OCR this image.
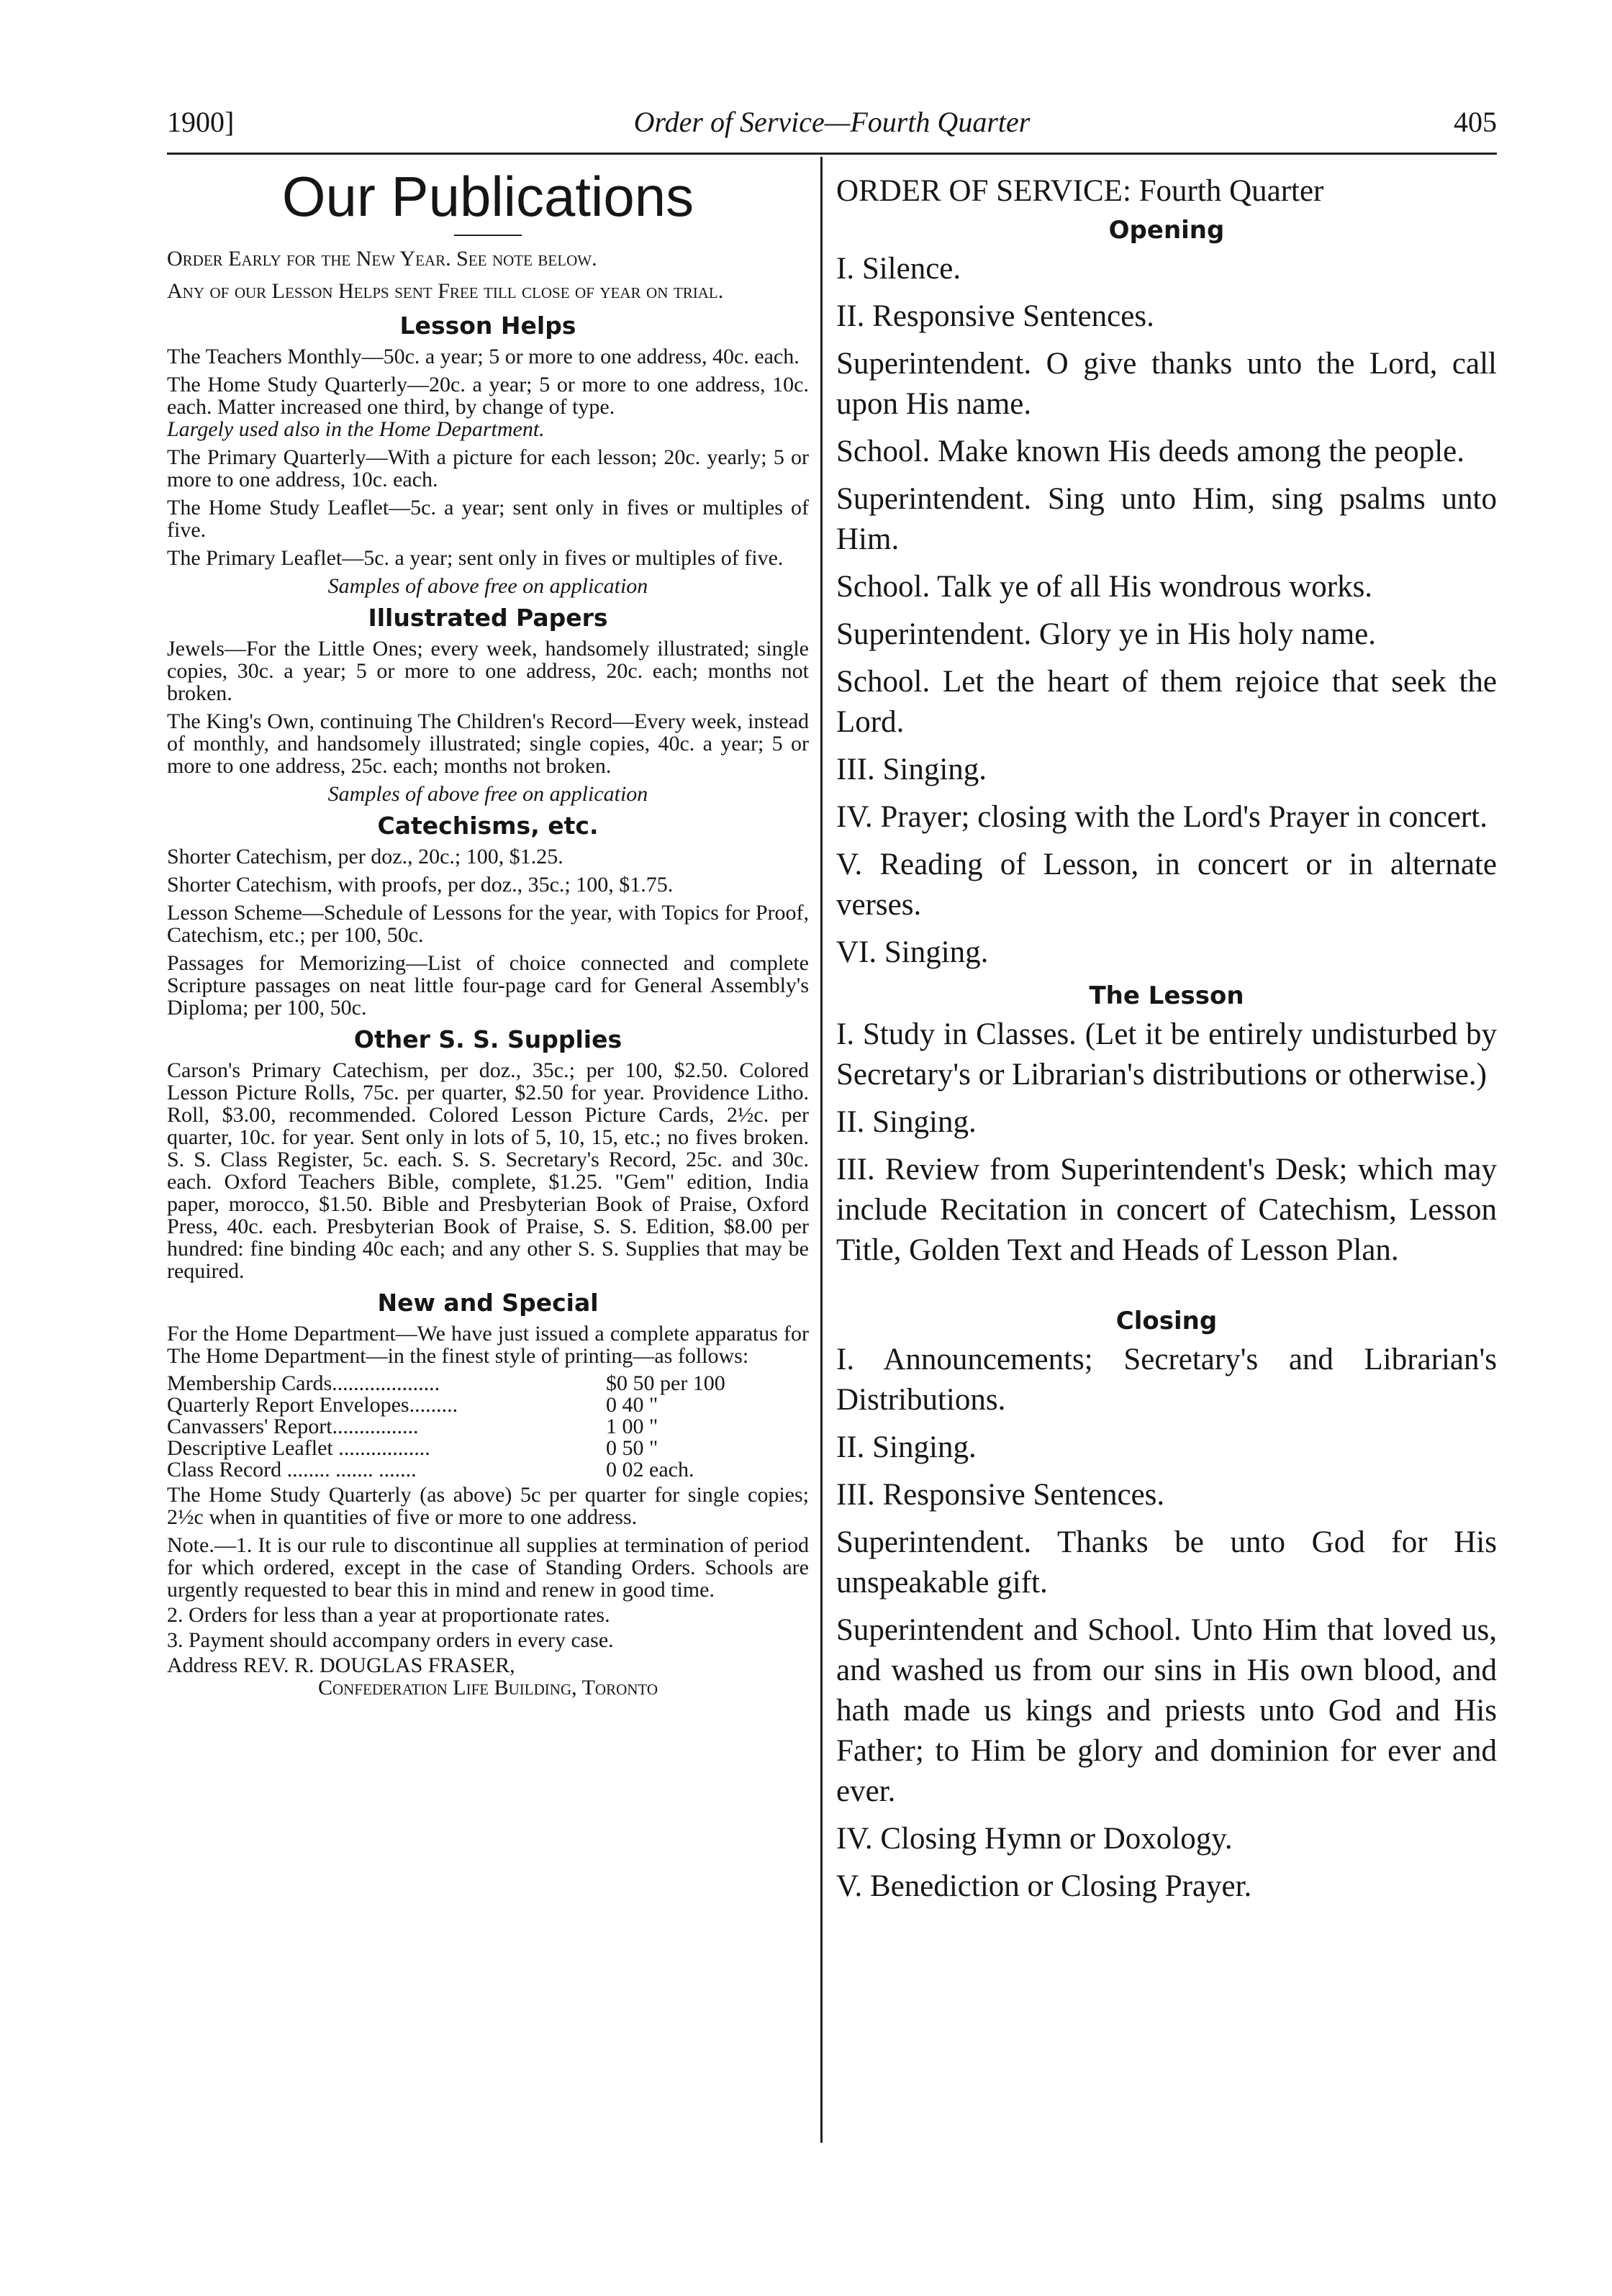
1900]	Order of Service—Fourth Quarter	405
Our Publications

Order Early for the New Year. See note below.

Any of our Lesson Helps sent Free till close of year on trial.

Lesson Helps

The Teachers Monthly—50c. a year; 5 or more to one address, 40c. each.

The Home Study Quarterly—20c. a year; 5 or more to one address, 10c. each. Matter increased one third, by change of type.

Largely used also in the Home Department.

The Primary Quarterly—With a picture for each lesson; 20c. yearly; 5 or more to one address, 10c. each.

The Home Study Leaflet—5c. a year; sent only in fives or multiples of five.

The Primary Leaflet—5c. a year; sent only in fives or multiples of five.

Samples of above free on application

Illustrated Papers

Jewels—For the Little Ones; every week, handsomely illustrated; single copies, 30c. a year; 5 or more to one address, 20c. each; months not broken.

The King's Own, continuing The Children's Record—Every week, instead of monthly, and handsomely illustrated; single copies, 40c. a year; 5 or more to one address, 25c. each; months not broken.

Samples of above free on application

Catechisms, etc.

Shorter Catechism, per doz., 20c.; 100, $1.25.

Shorter Catechism, with proofs, per doz., 35c.; 100, $1.75.

Lesson Scheme—Schedule of Lessons for the year, with Topics for Proof, Catechism, etc.; per 100, 50c.

Passages for Memorizing—List of choice connected and complete Scripture passages on neat little four-page card for General Assembly's Diploma; per 100, 50c.

Other S. S. Supplies

Carson's Primary Catechism, per doz., 35c.; per 100, $2.50. Colored Lesson Picture Rolls, 75c. per quarter, $2.50 for year. Providence Litho. Roll, $3.00, recommended. Colored Lesson Picture Cards, 2½c. per quarter, 10c. for year. Sent only in lots of 5, 10, 15, etc.; no fives broken. S. S. Class Register, 5c. each. S. S. Secretary's Record, 25c. and 30c. each. Oxford Teachers Bible, complete, $1.25. "Gem" edition, India paper, morocco, $1.50. Bible and Presbyterian Book of Praise, Oxford Press, 40c. each. Presbyterian Book of Praise, S. S. Edition, $8.00 per hundred: fine binding 40c each; and any other S. S. Supplies that may be required.

New and Special

For the Home Department—We have just issued a complete apparatus for The Home Department—in the finest style of printing—as follows:

Membership Cards....................	$0 50 per 100
Quarterly Report Envelopes.........	0 40 "
Canvassers' Report................	1 00 "
Descriptive Leaflet .................	0 50 "
Class Record ........ ....... .......	0 02 each.

The Home Study Quarterly (as above) 5c per quarter for single copies; 2½c when in quantities of five or more to one address.

Note.—1. It is our rule to discontinue all supplies at termination of period for which ordered, except in the case of Standing Orders. Schools are urgently requested to bear this in mind and renew in good time.

2. Orders for less than a year at proportionate rates.

3. Payment should accompany orders in every case.

Address REV. R. DOUGLAS FRASER,

Confederation Life Building, Toronto

ORDER OF SERVICE: Fourth Quarter

Opening

I. Silence.

II. Responsive Sentences.

Superintendent. O give thanks unto the Lord, call upon His name.

School. Make known His deeds among the people.

Superintendent. Sing unto Him, sing psalms unto Him.

School. Talk ye of all His wondrous works.

Superintendent. Glory ye in His holy name.

School. Let the heart of them rejoice that seek the Lord.

III. Singing.

IV. Prayer; closing with the Lord's Prayer in concert.

V. Reading of Lesson, in concert or in alternate verses.

VI. Singing.

The Lesson

I. Study in Classes. (Let it be entirely undisturbed by Secretary's or Librarian's distributions or otherwise.)

II. Singing.

III. Review from Superintendent's Desk; which may include Recitation in concert of Catechism, Lesson Title, Golden Text and Heads of Lesson Plan.

Closing

I. Announcements; Secretary's and Librarian's Distributions.

II. Singing.

III. Responsive Sentences.

Superintendent. Thanks be unto God for His unspeakable gift.

Superintendent and School. Unto Him that loved us, and washed us from our sins in His own blood, and hath made us kings and priests unto God and His Father; to Him be glory and dominion for ever and ever.

IV. Closing Hymn or Doxology.

V. Benediction or Closing Prayer.
